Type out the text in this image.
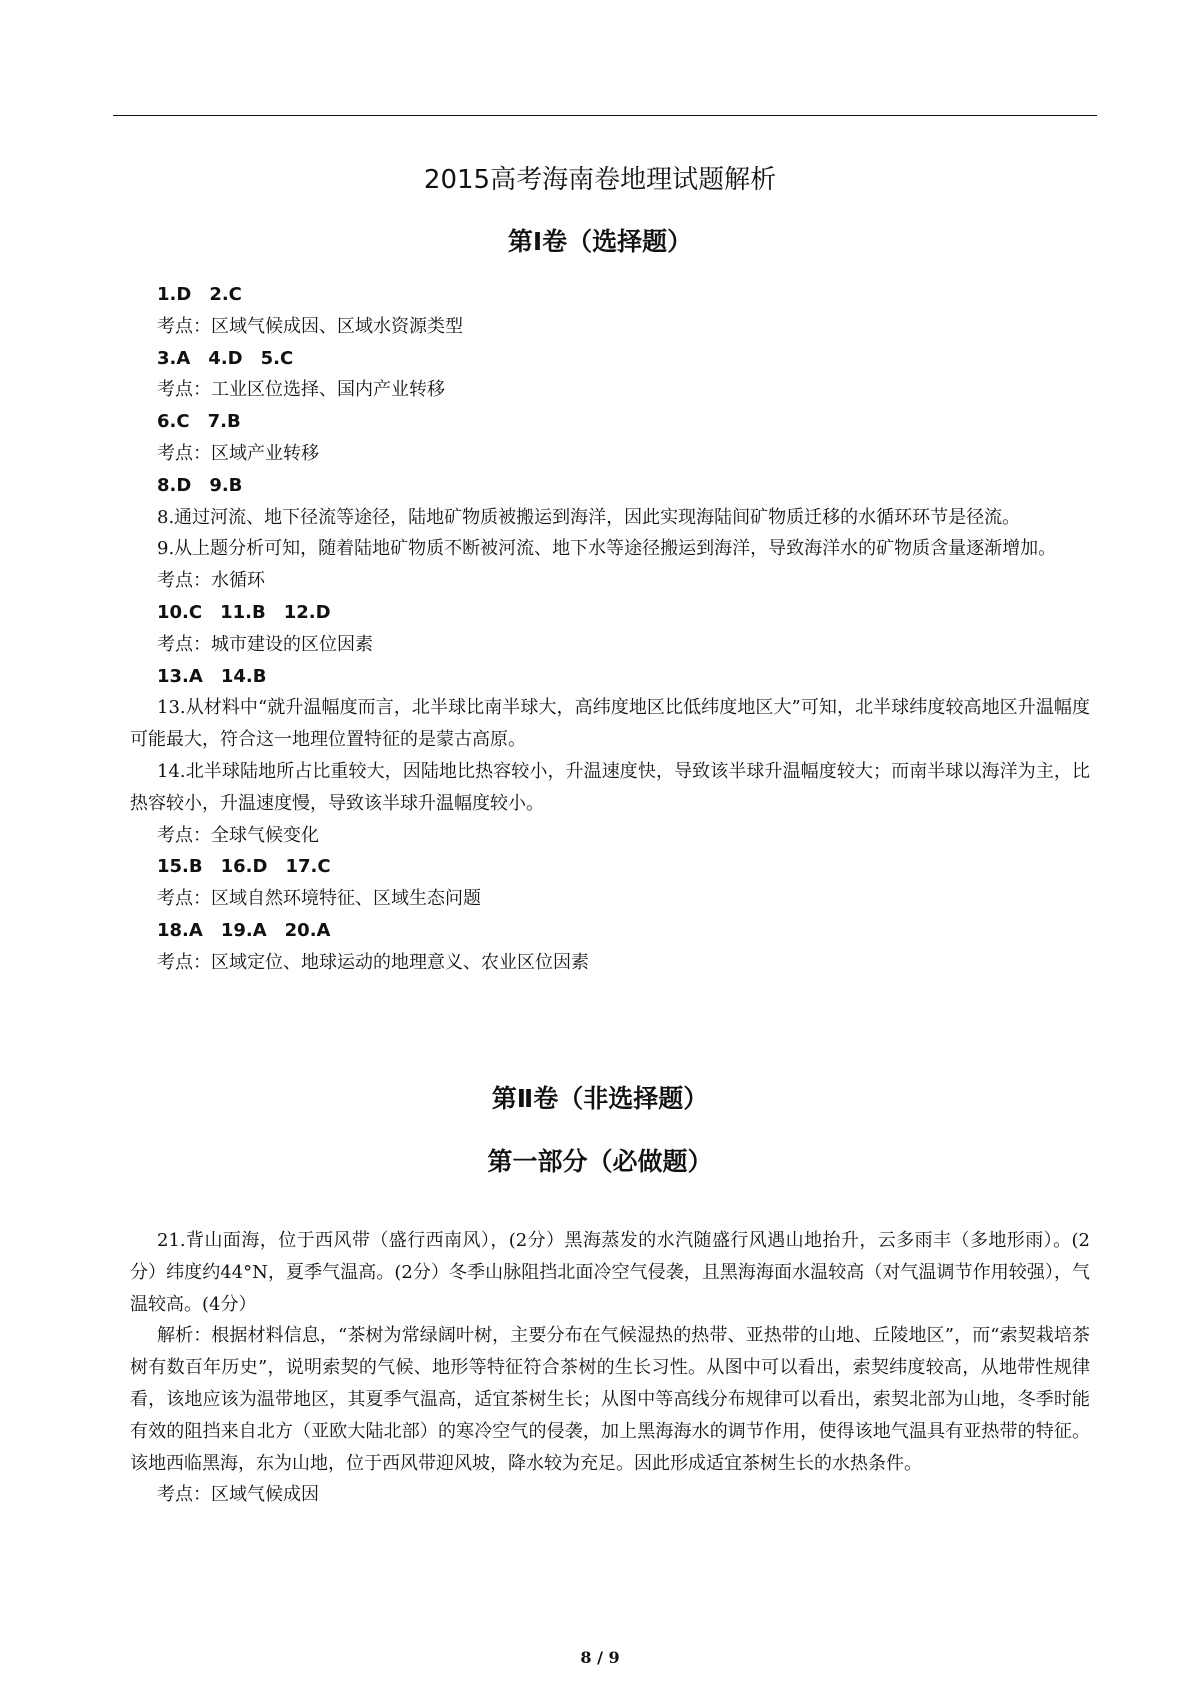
2015高考海南卷地理试题解析
第Ⅰ卷（选择题）
1.D 2.C
考点：区域气候成因、区域水资源类型
3.A 4.D 5.C
考点：工业区位选择、国内产业转移
6.C 7.B
考点：区域产业转移
8.D 9.B

8.通过河流、地下径流等途径，陆地矿物质被搬运到海洋，因此实现海陆间矿物质迁移的水循环环节是径流。

9.从上题分析可知，随着陆地矿物质不断被河流、地下水等途径搬运到海洋，导致海洋水的矿物质含量逐渐增加。

考点：水循环
10.C 11.B 12.D
考点：城市建设的区位因素
13.A 14.B

13.从材料中“就升温幅度而言，北半球比南半球大，高纬度地区比低纬度地区大”可知，北半球纬度较高地区升温幅度可能最大，符合这一地理位置特征的是蒙古高原。

14.北半球陆地所占比重较大，因陆地比热容较小，升温速度快，导致该半球升温幅度较大；而南半球以海洋为主，比热容较小，升温速度慢，导致该半球升温幅度较小。

考点：全球气候变化
15.B 16.D 17.C
考点：区域自然环境特征、区域生态问题
18.A 19.A 20.A
考点：区域定位、地球运动的地理意义、农业区位因素
第Ⅱ卷（非选择题）
第一部分（必做题）

21.背山面海，位于西风带（盛行西南风），(2分）黑海蒸发的水汽随盛行风遇山地抬升，云多雨丰（多地形雨）。(2分）纬度约44°N，夏季气温高。(2分）冬季山脉阻挡北面冷空气侵袭，且黑海海面水温较高（对气温调节作用较强），气温较高。(4分）

解析：根据材料信息，“茶树为常绿阔叶树，主要分布在气候湿热的热带、亚热带的山地、丘陵地区”，而“索契栽培茶树有数百年历史”，说明索契的气候、地形等特征符合茶树的生长习性。从图中可以看出，索契纬度较高，从地带性规律看，该地应该为温带地区，其夏季气温高，适宜茶树生长；从图中等高线分布规律可以看出，索契北部为山地，冬季时能有效的阻挡来自北方（亚欧大陆北部）的寒冷空气的侵袭，加上黑海海水的调节作用，使得该地气温具有亚热带的特征。该地西临黑海，东为山地，位于西风带迎风坡，降水较为充足。因此形成适宜茶树生长的水热条件。

考点：区域气候成因
8 / 9
